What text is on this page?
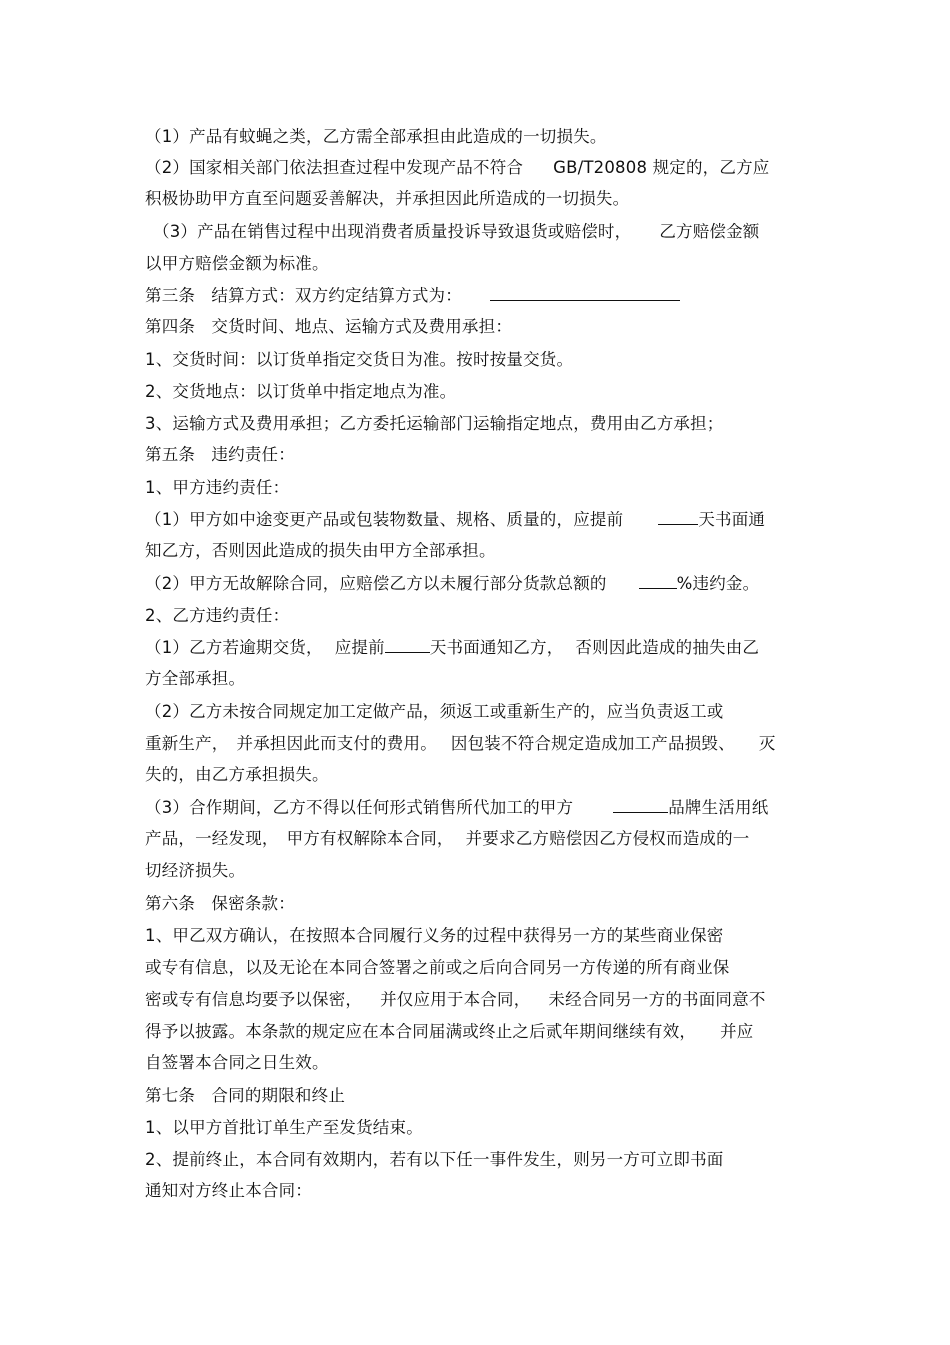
（1）产品有蚊蝇之类，乙方需全部承担由此造成的一切损失。
（2）国家相关部门依法担查过程中发现产品不符合 GB/T20808 规定的，乙方应
积极协助甲方直至问题妥善解决，并承担因此所造成的一切损失。
（3）产品在销售过程中出现消费者质量投诉导致退货或赔偿时， 乙方赔偿金额
以甲方赔偿金额为标准。
第三条   结算方式：双方约定结算方式为：
第四条   交货时间、地点、运输方式及费用承担：
1、交货时间：以订货单指定交货日为准。按时按量交货。
2、交货地点：以订货单中指定地点为准。
3、运输方式及费用承担；乙方委托运输部门运输指定地点，费用由乙方承担；
第五条   违约责任：
1、甲方违约责任：
（1）甲方如中途变更产品或包装物数量、规格、质量的，应提前	天书面通
知乙方，否则因此造成的损失由甲方全部承担。
（2）甲方无故解除合同，应赔偿乙方以未履行部分货款总额的	%违约金。
2、乙方违约责任：
（1）乙方若逾期交货， 应提前	天书面通知乙方， 否则因此造成的抽失由乙
方全部承担。
（2）乙方未按合同规定加工定做产品，须返工或重新生产的，应当负责返工或
重新生产， 并承担因此而支付的费用。 因包装不符合规定造成加工产品损毁、 灭
失的，由乙方承担损失。
（3）合作期间，乙方不得以任何形式销售所代加工的甲方	品牌生活用纸
产品，一经发现， 甲方有权解除本合同， 并要求乙方赔偿因乙方侵权而造成的一
切经济损失。
第六条   保密条款：
1、甲乙双方确认，在按照本合同履行义务的过程中获得另一方的某些商业保密
或专有信息，以及无论在本同合签署之前或之后向合同另一方传递的所有商业保
密或专有信息均要予以保密， 并仅应用于本合同， 未经合同另一方的书面同意不
得予以披露。本条款的规定应在本合同届满或终止之后贰年期间继续有效， 并应
自签署本合同之日生效。
第七条   合同的期限和终止
1、以甲方首批订单生产至发货结束。
2、提前终止，本合同有效期内，若有以下任一事件发生，则另一方可立即书面
通知对方终止本合同：
